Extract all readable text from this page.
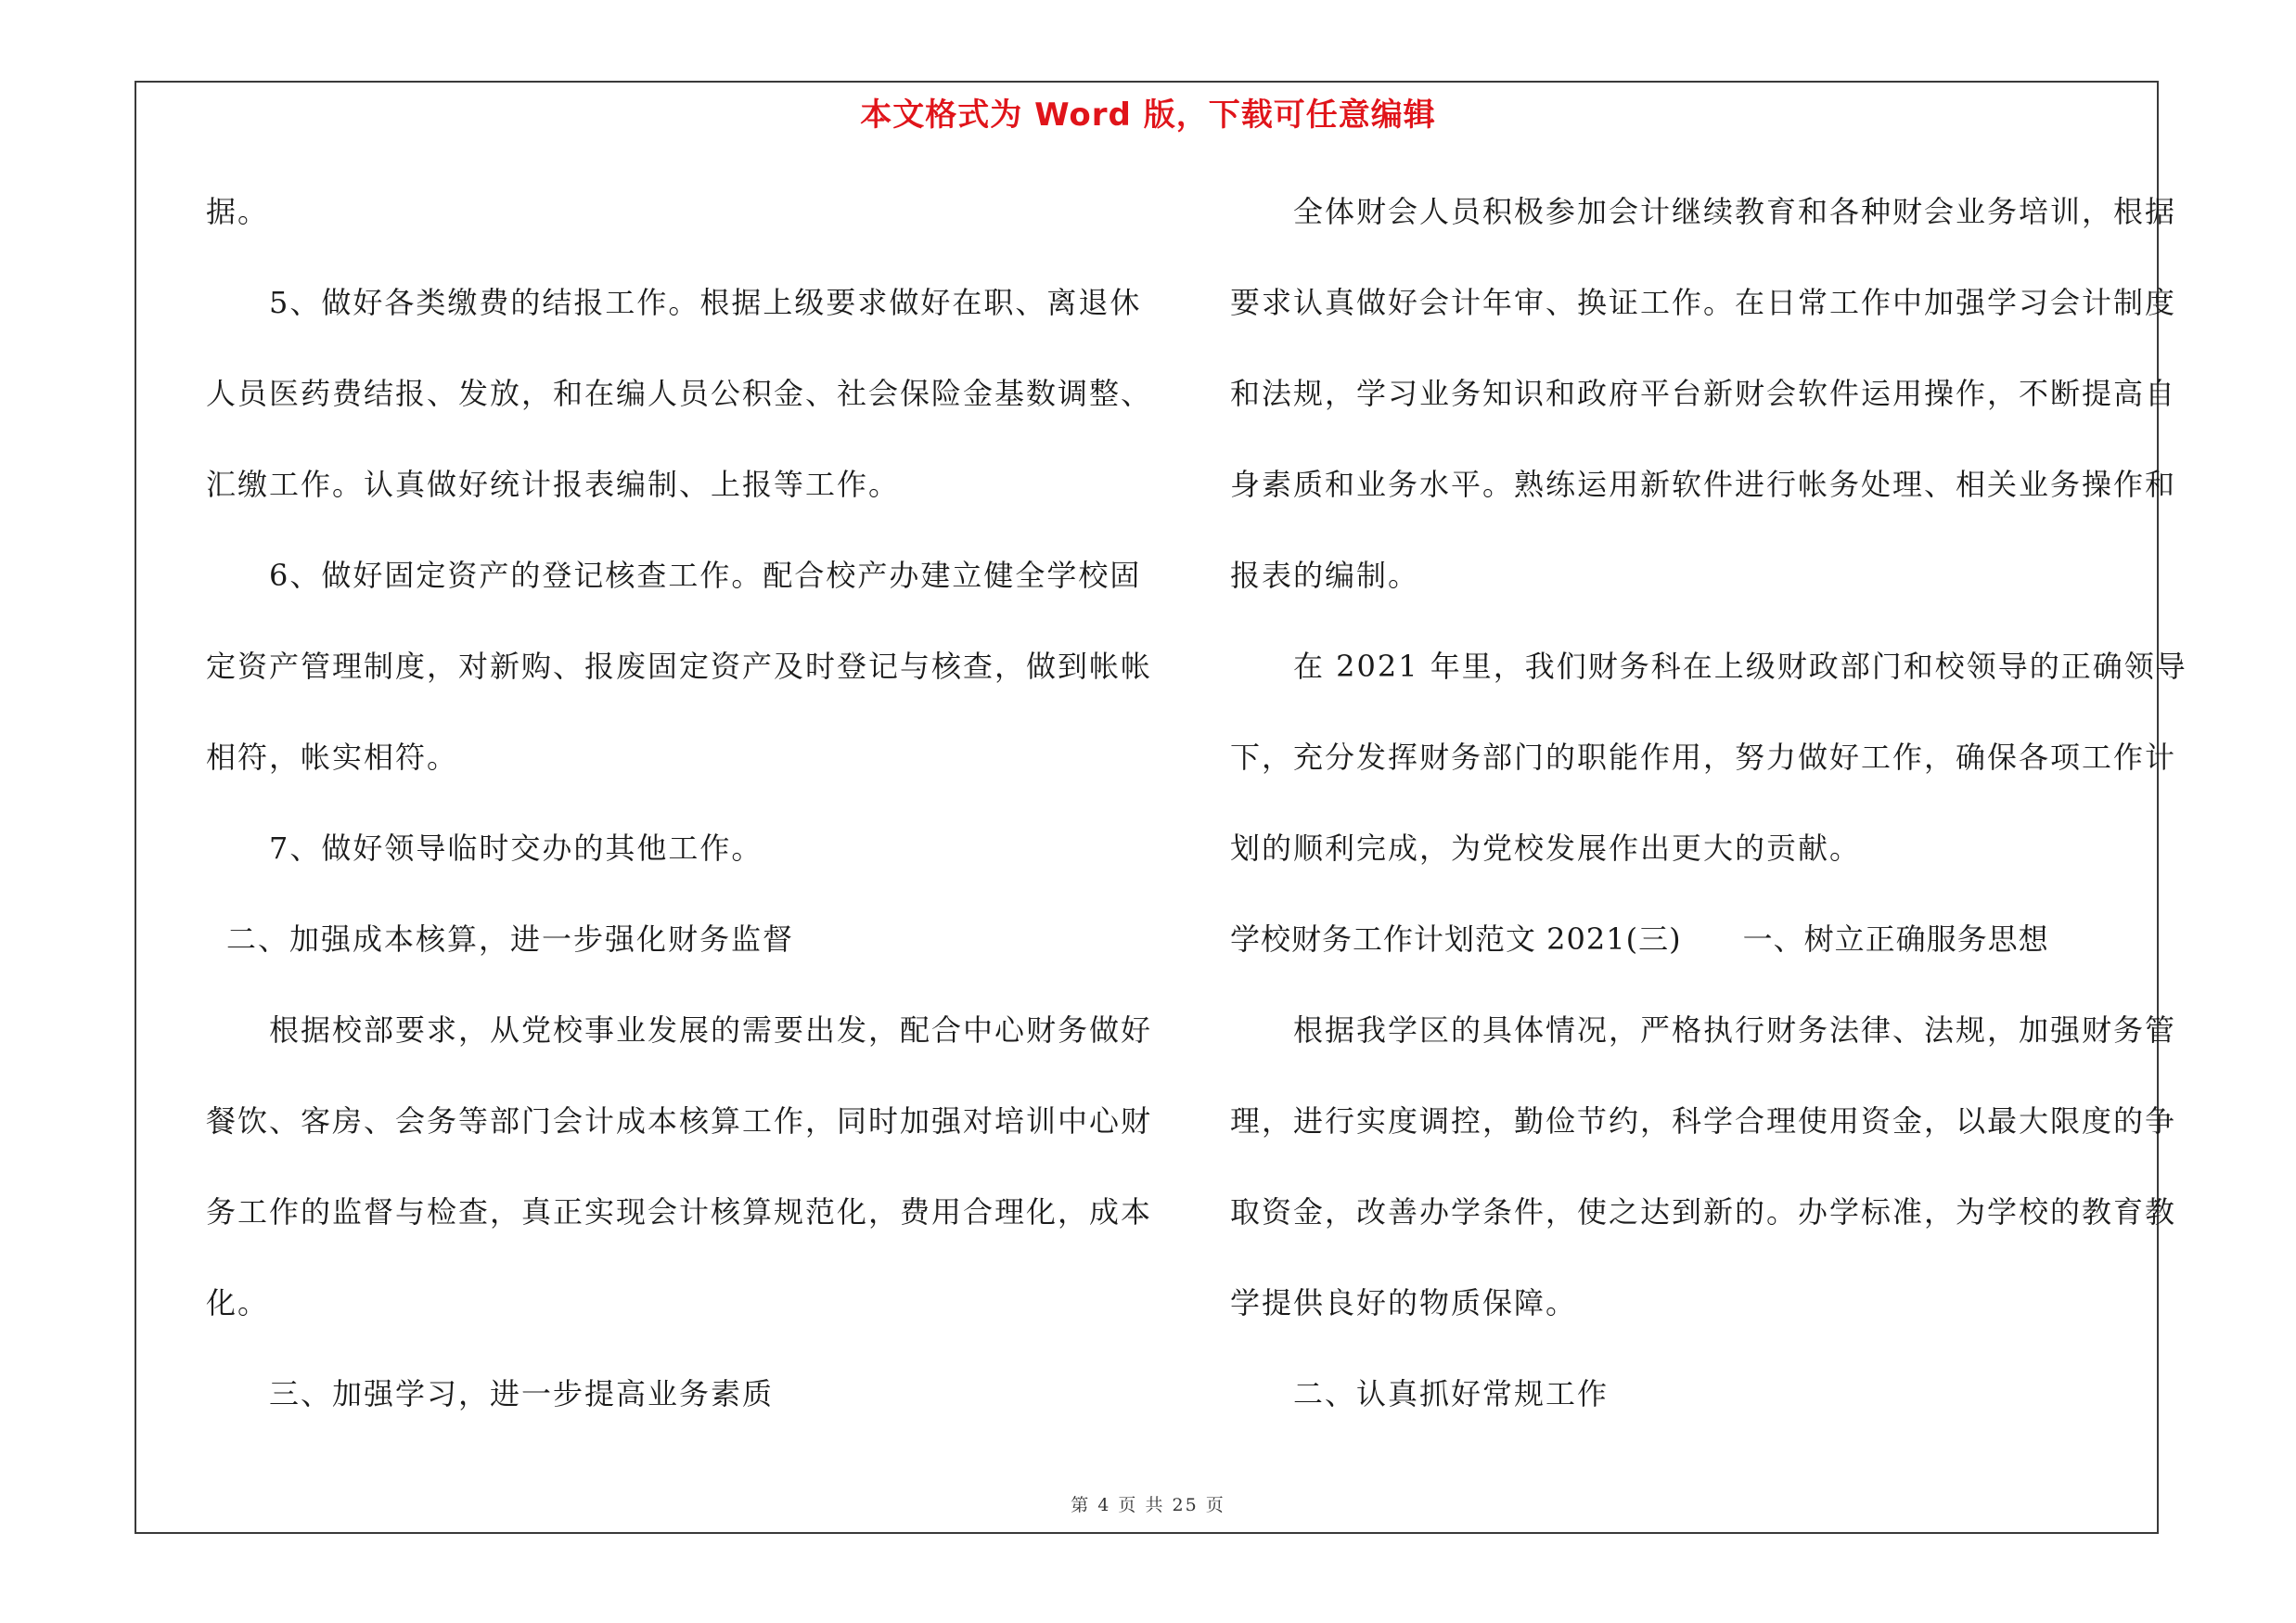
本文格式为 Word 版，下载可任意编辑

据。

5、做好各类缴费的结报工作。根据上级要求做好在职、离退休

人员医药费结报、发放，和在编人员公积金、社会保险金基数调整、

汇缴工作。认真做好统计报表编制、上报等工作。

6、做好固定资产的登记核查工作。配合校产办建立健全学校固

定资产管理制度，对新购、报废固定资产及时登记与核查，做到帐帐

相符，帐实相符。

7、做好领导临时交办的其他工作。

二、加强成本核算，进一步强化财务监督

根据校部要求，从党校事业发展的需要出发，配合中心财务做好

餐饮、客房、会务等部门会计成本核算工作，同时加强对培训中心财

务工作的监督与检查，真正实现会计核算规范化，费用合理化，成本

化。

三、加强学习，进一步提高业务素质

全体财会人员积极参加会计继续教育和各种财会业务培训，根据

要求认真做好会计年审、换证工作。在日常工作中加强学习会计制度

和法规，学习业务知识和政府平台新财会软件运用操作，不断提高自

身素质和业务水平。熟练运用新软件进行帐务处理、相关业务操作和

报表的编制。

在 2021 年里，我们财务科在上级财政部门和校领导的正确领导

下，充分发挥财务部门的职能作用，努力做好工作，确保各项工作计

划的顺利完成，为党校发展作出更大的贡献。

学校财务工作计划范文 2021(三)　　一、树立正确服务思想

根据我学区的具体情况，严格执行财务法律、法规，加强财务管

理，进行实度调控，勤俭节约，科学合理使用资金，以最大限度的争

取资金，改善办学条件，使之达到新的。办学标准，为学校的教育教

学提供良好的物质保障。

二、认真抓好常规工作

第 4 页 共 25 页
